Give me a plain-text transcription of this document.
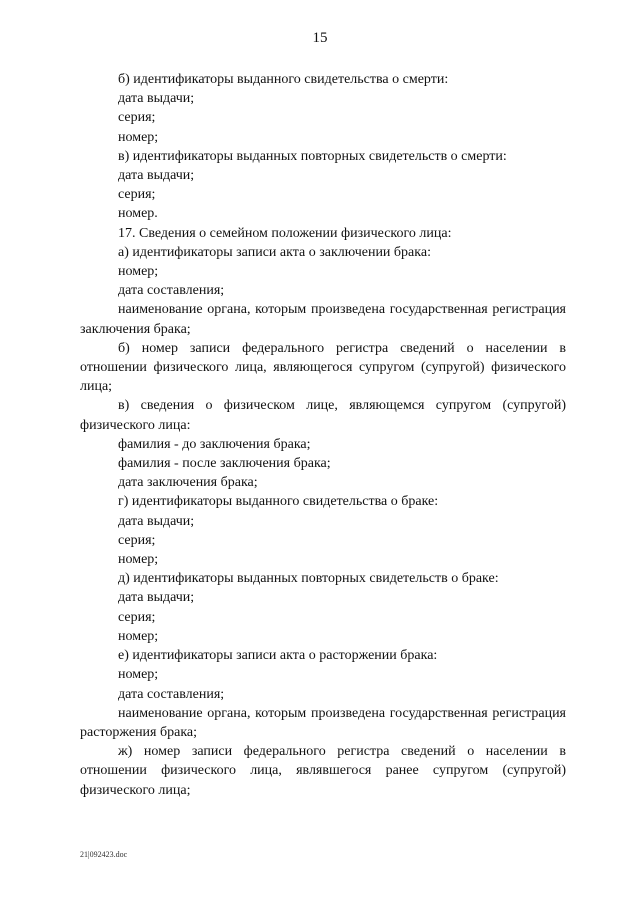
15

б) идентификаторы выданного свидетельства о смерти:

дата выдачи;

серия;

номер;

в) идентификаторы выданных повторных свидетельств о смерти:

дата выдачи;

серия;

номер.

17. Сведения о семейном положении физического лица:

а) идентификаторы записи акта о заключении брака:

номер;

дата составления;

наименование органа, которым произведена государственная регистрация заключения брака;

б) номер записи федерального регистра сведений о населении в отношении физического лица, являющегося супругом (супругой) физического лица;

в) сведения о физическом лице, являющемся супругом (супругой) физического лица:

фамилия - до заключения брака;

фамилия - после заключения брака;

дата заключения брака;

г) идентификаторы выданного свидетельства о браке:

дата выдачи;

серия;

номер;

д) идентификаторы выданных повторных свидетельств о браке:

дата выдачи;

серия;

номер;

е) идентификаторы записи акта о расторжении брака:

номер;

дата составления;

наименование органа, которым произведена государственная регистрация расторжения брака;

ж) номер записи федерального регистра сведений о населении в отношении физического лица, являвшегося ранее супругом (супругой) физического лица;

21|092423.doc
